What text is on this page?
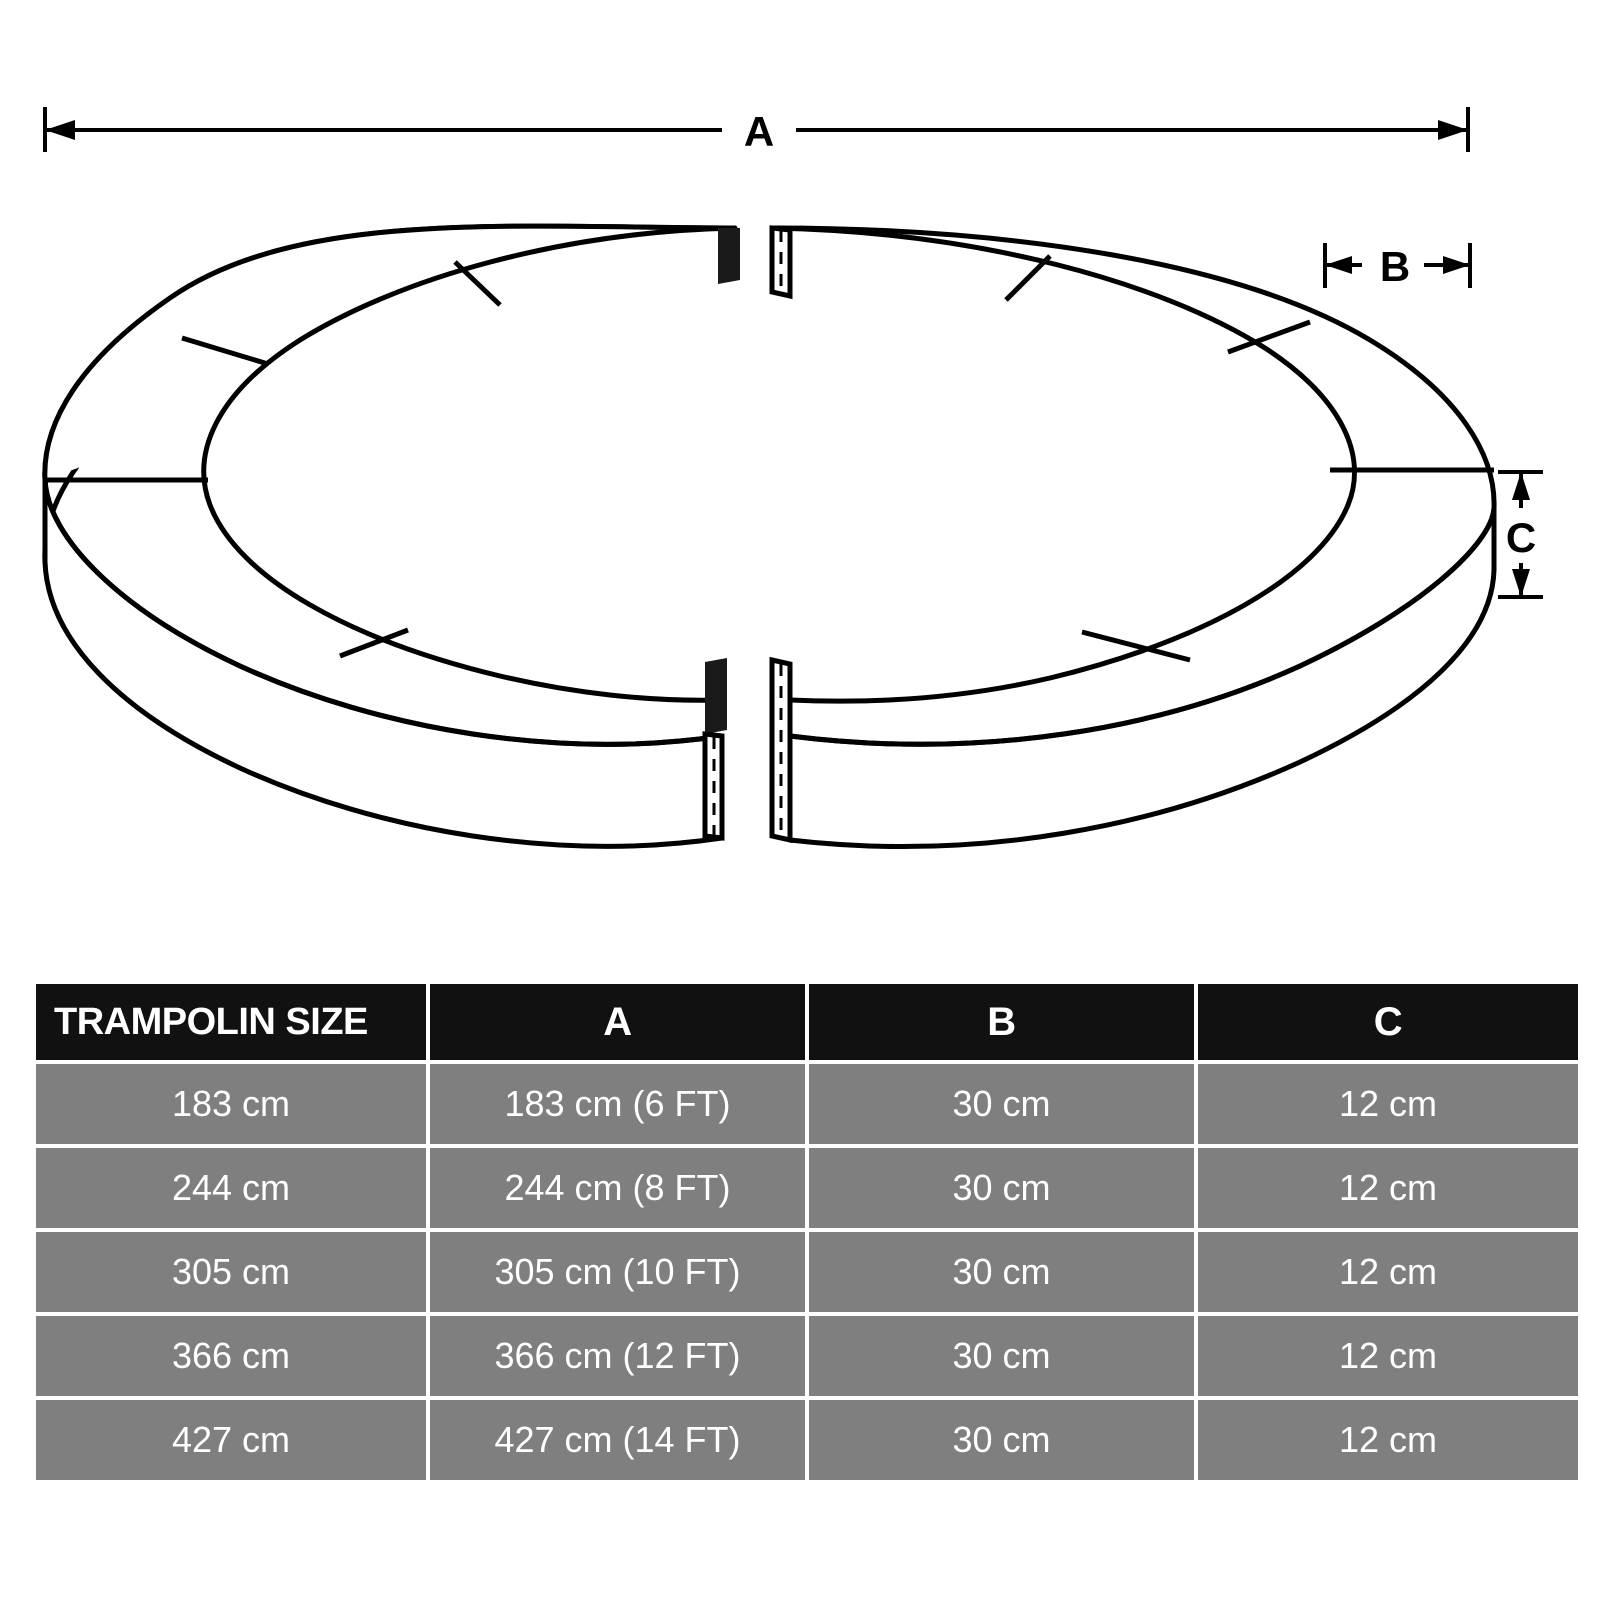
A
B
C
TRAMPOLIN SIZE	A	B	C
183 cm	183 cm (6 FT)	30 cm	12 cm
244 cm	244 cm (8 FT)	30 cm	12 cm
305 cm	305 cm (10 FT)	30 cm	12 cm
366 cm	366 cm (12 FT)	30 cm	12 cm
427 cm	427 cm (14 FT)	30 cm	12 cm
